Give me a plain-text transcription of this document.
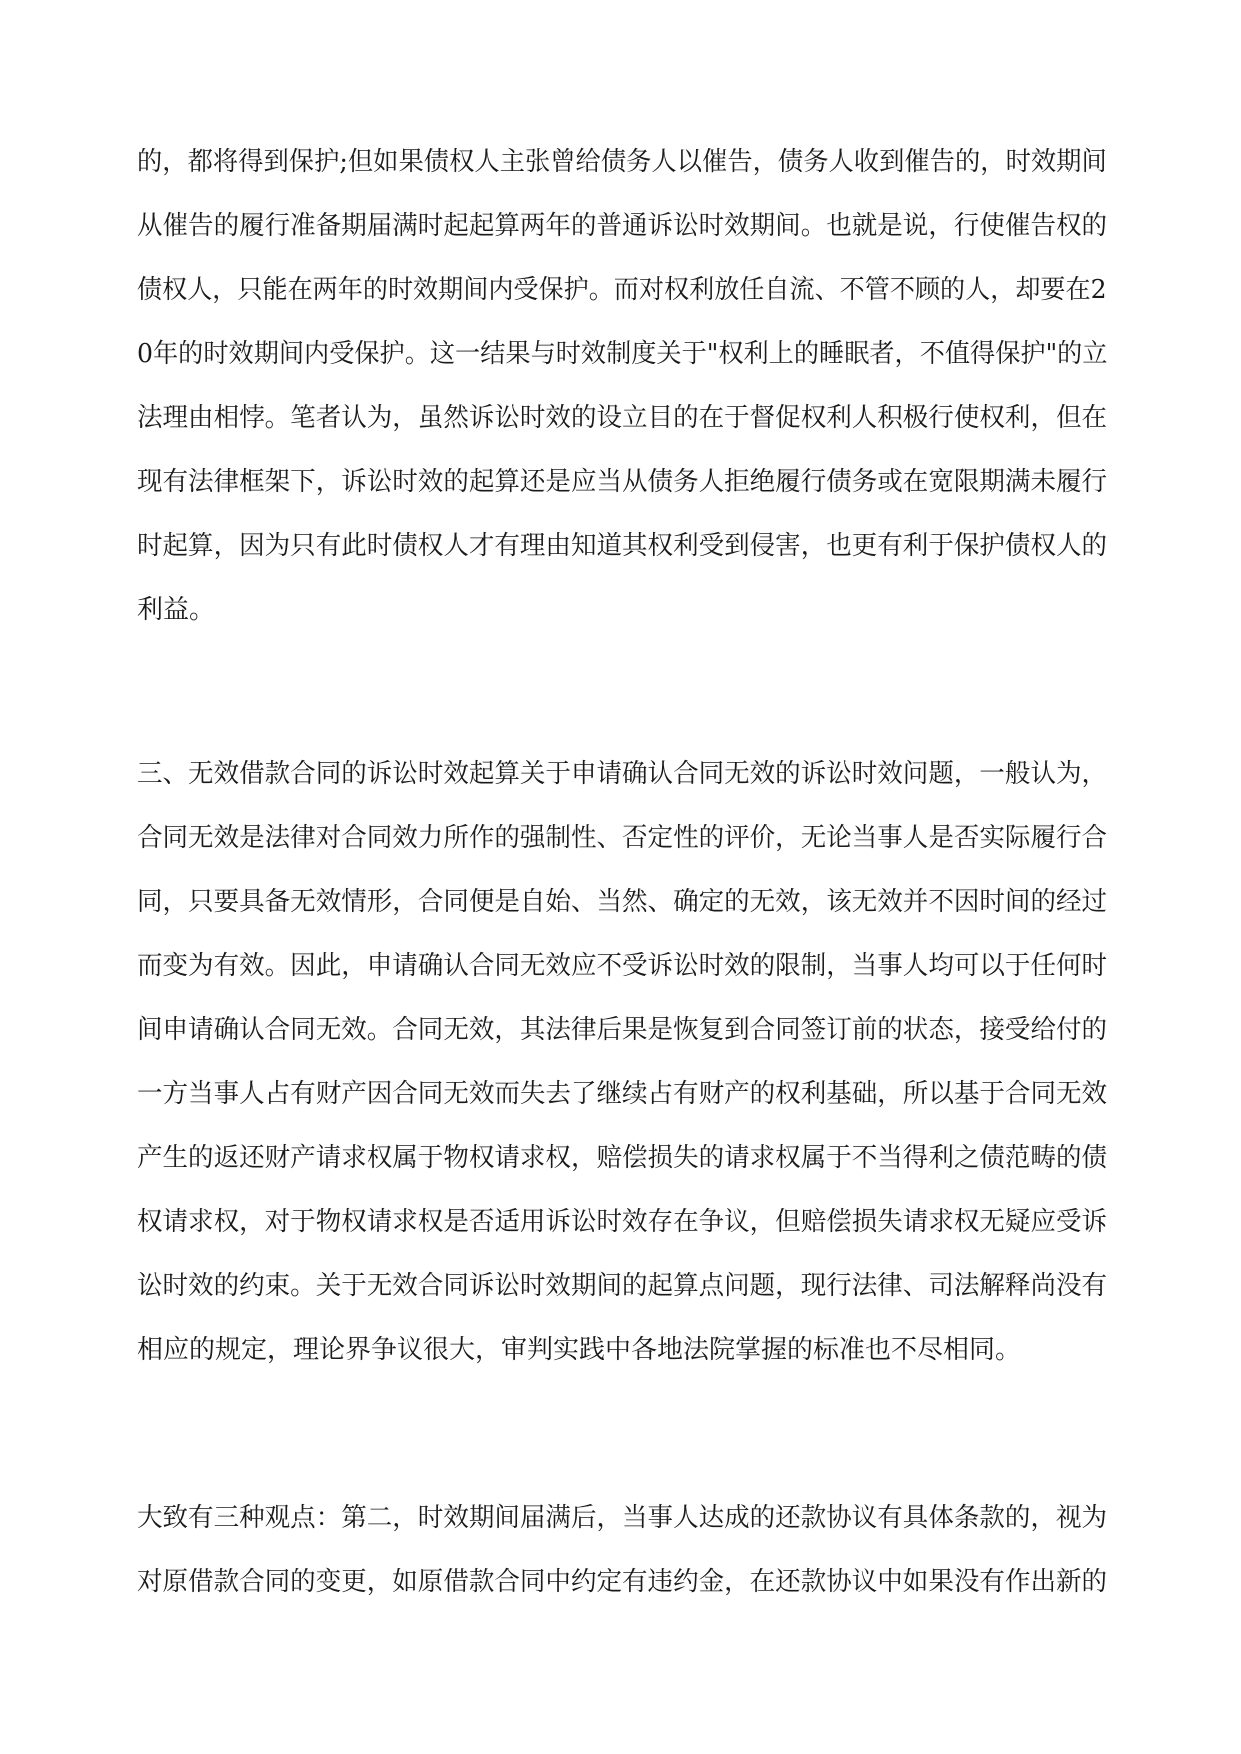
的，都将得到保护;但如果债权人主张曾给债务人以催告，债务人收到催告的，时效期间
从催告的履行准备期届满时起起算两年的普通诉讼时效期间。也就是说，行使催告权的
债权人，只能在两年的时效期间内受保护。而对权利放任自流、不管不顾的人，却要在2
0年的时效期间内受保护。这一结果与时效制度关于"权利上的睡眠者，不值得保护"的立
法理由相悖。笔者认为，虽然诉讼时效的设立目的在于督促权利人积极行使权利，但在
现有法律框架下，诉讼时效的起算还是应当从债务人拒绝履行债务或在宽限期满未履行
时起算，因为只有此时债权人才有理由知道其权利受到侵害，也更有利于保护债权人的
利益。
三、无效借款合同的诉讼时效起算关于申请确认合同无效的诉讼时效问题，一般认为，
合同无效是法律对合同效力所作的强制性、否定性的评价，无论当事人是否实际履行合
同，只要具备无效情形，合同便是自始、当然、确定的无效，该无效并不因时间的经过
而变为有效。因此，申请确认合同无效应不受诉讼时效的限制，当事人均可以于任何时
间申请确认合同无效。合同无效，其法律后果是恢复到合同签订前的状态，接受给付的
一方当事人占有财产因合同无效而失去了继续占有财产的权利基础，所以基于合同无效
产生的返还财产请求权属于物权请求权，赔偿损失的请求权属于不当得利之债范畴的债
权请求权，对于物权请求权是否适用诉讼时效存在争议，但赔偿损失请求权无疑应受诉
讼时效的约束。关于无效合同诉讼时效期间的起算点问题，现行法律、司法解释尚没有
相应的规定，理论界争议很大，审判实践中各地法院掌握的标准也不尽相同。
大致有三种观点：第二，时效期间届满后，当事人达成的还款协议有具体条款的，视为
对原借款合同的变更，如原借款合同中约定有违约金，在还款协议中如果没有作出新的
